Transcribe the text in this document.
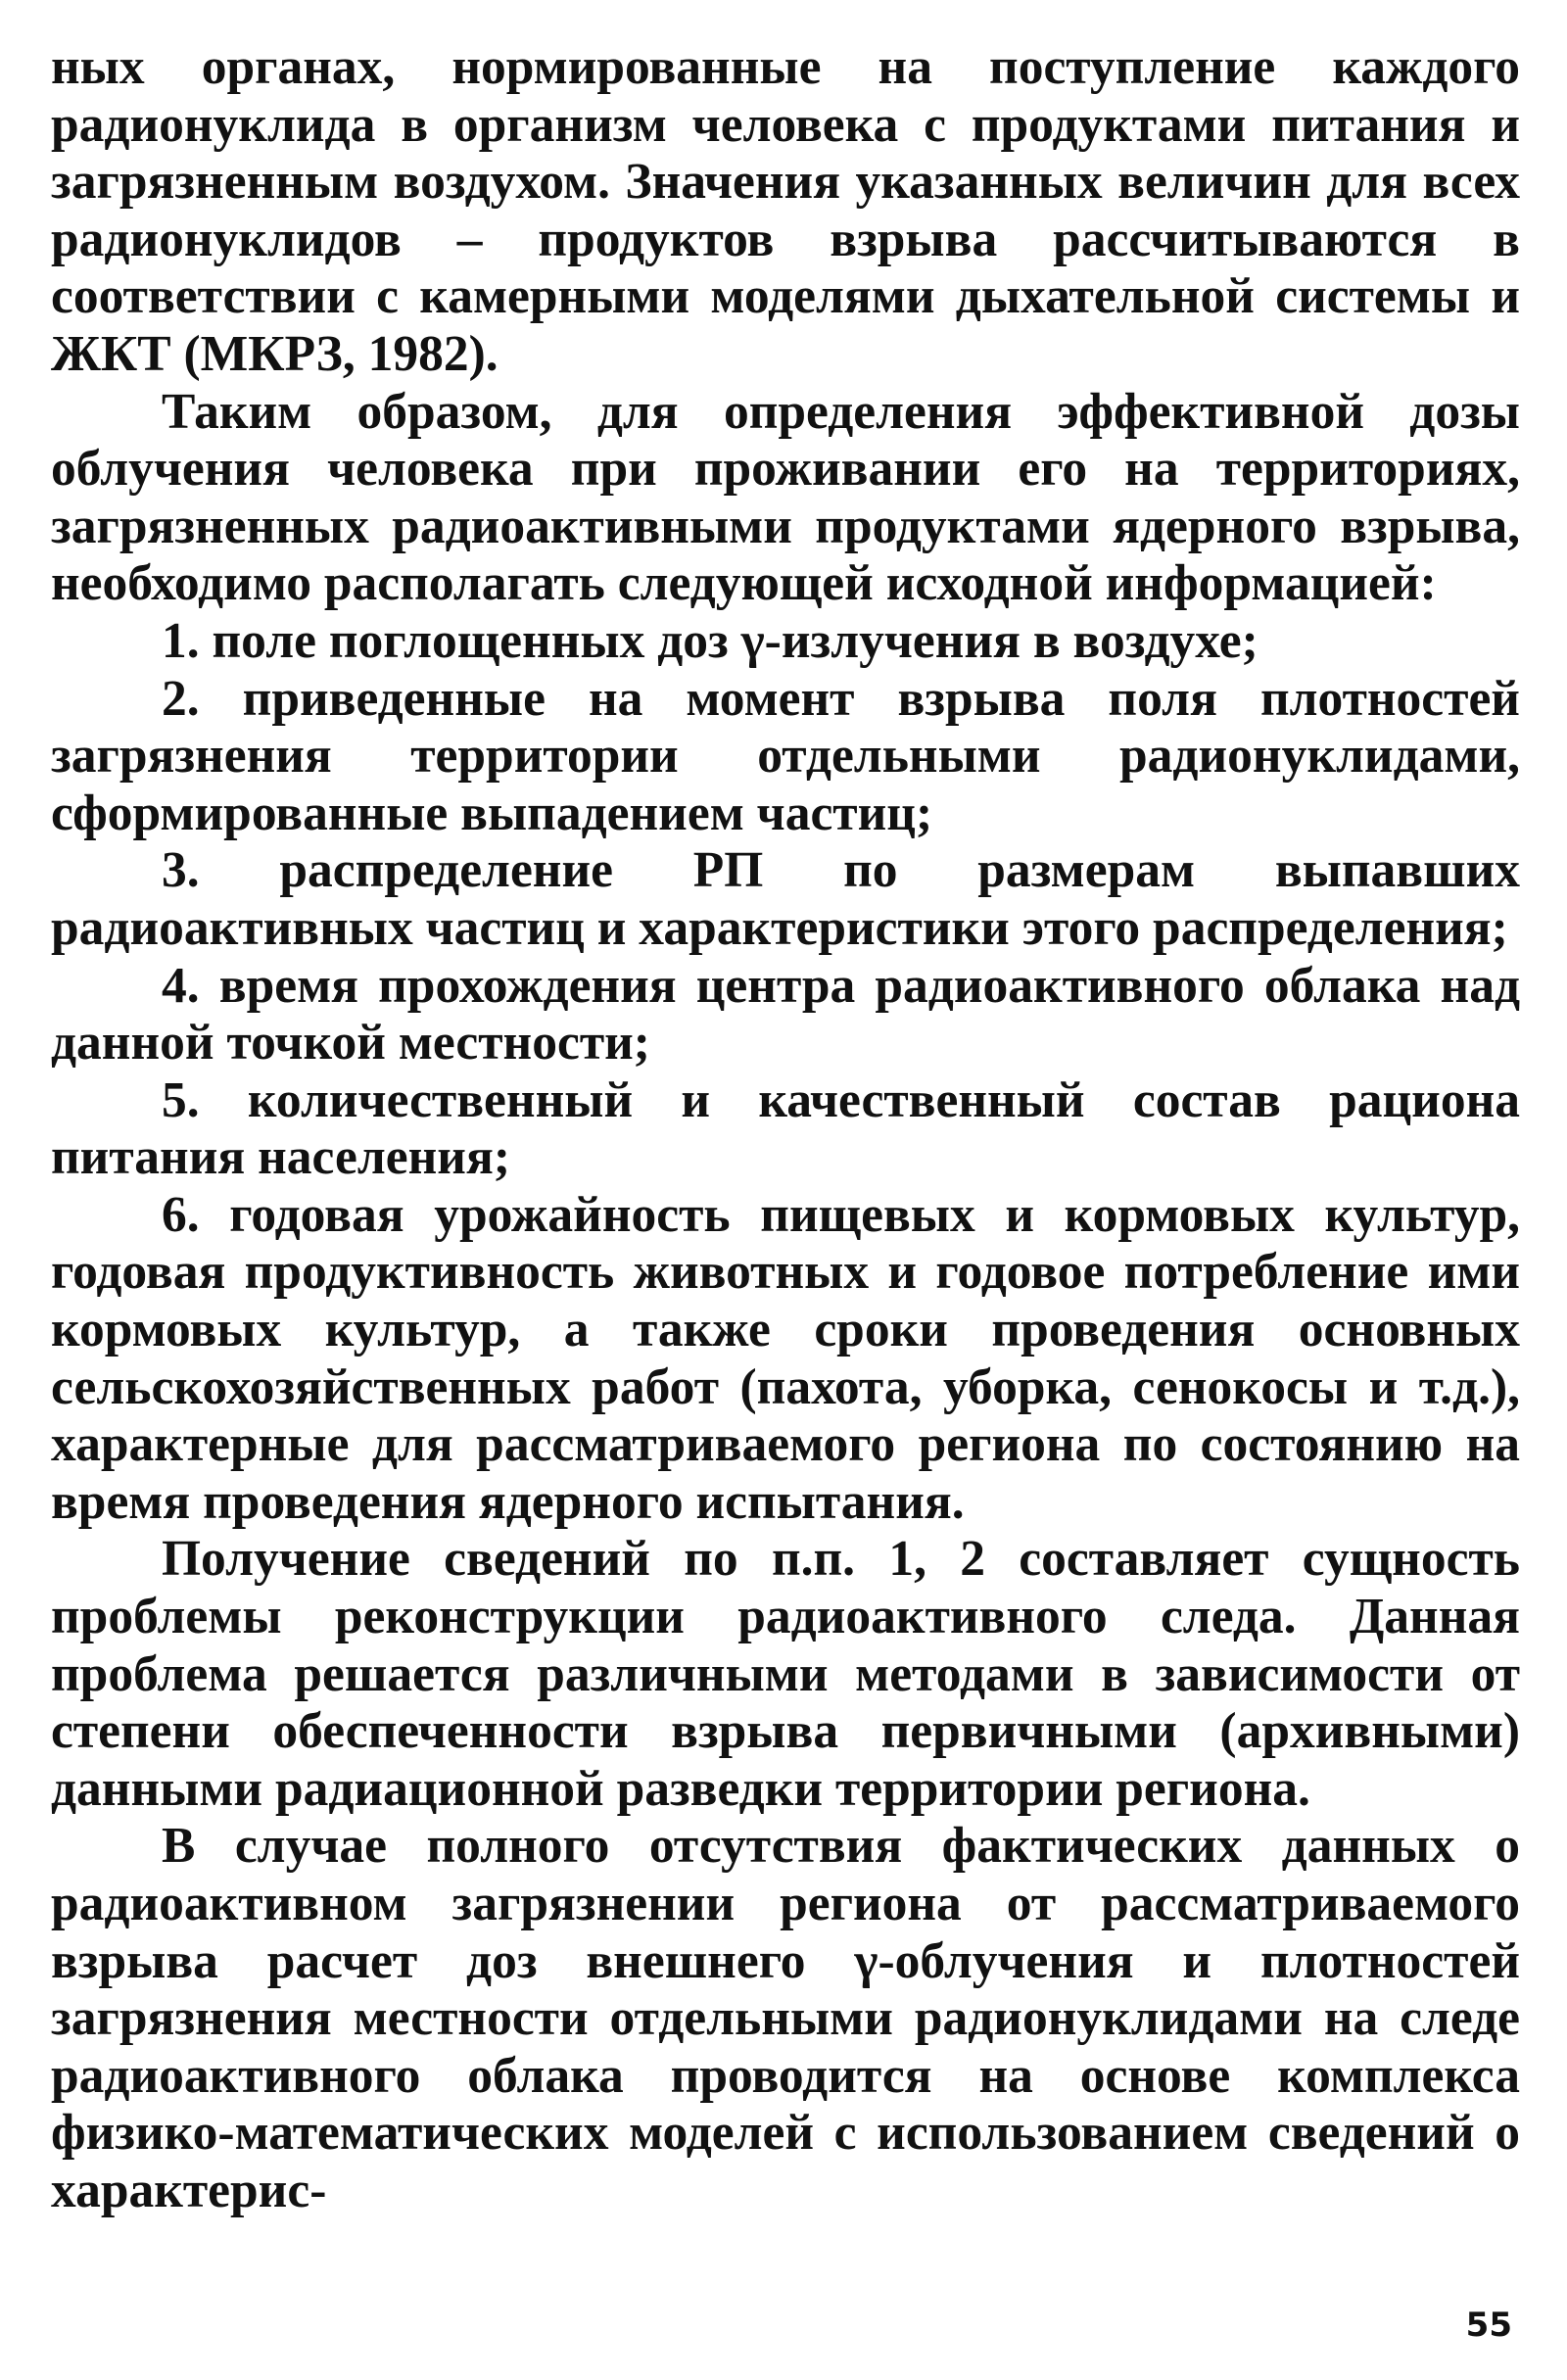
ных органах, нормированные на поступление каждого радионуклида в организм человека с продуктами питания и загрязненным воздухом. Значения указанных величин для всех радионуклидов – продуктов взрыва рассчитываются в соответствии с камерными моделями дыхательной системы и ЖКТ (МКРЗ, 1982).

Таким образом, для определения эффективной дозы облучения человека при проживании его на территориях, загрязненных радиоактивными продуктами ядерного взрыва, необходимо располагать следующей исходной информацией:

1. поле поглощенных доз γ-излучения в воздухе;

2. приведенные на момент взрыва поля плотностей загрязнения территории отдельными радионуклидами, сформированные выпадением частиц;

3. распределение РП по размерам выпавших радиоактивных частиц и характеристики этого распределения;

4. время прохождения центра радиоактивного облака над данной точкой местности;

5. количественный и качественный состав рациона питания населения;

6. годовая урожайность пищевых и кормовых культур, годовая продуктивность животных и годовое потребление ими кормовых культур, а также сроки проведения основных сельскохозяйственных работ (пахота, уборка, сенокосы и т.д.), характерные для рассматриваемого региона по состоянию на время проведения ядерного испытания.

Получение сведений по п.п. 1, 2 составляет сущность проблемы реконструкции радиоактивного следа. Данная проблема решается различными методами в зависимости от степени обеспеченности взрыва первичными (архивными) данными радиационной разведки территории региона.

В случае полного отсутствия фактических данных о радиоактивном загрязнении региона от рассматриваемого взрыва расчет доз внешнего γ-облучения и плотностей загрязнения местности отдельными радионуклидами на следе радиоактивного облака проводится на основе комплекса физико-математических моделей с использованием сведений о характерис-

55
